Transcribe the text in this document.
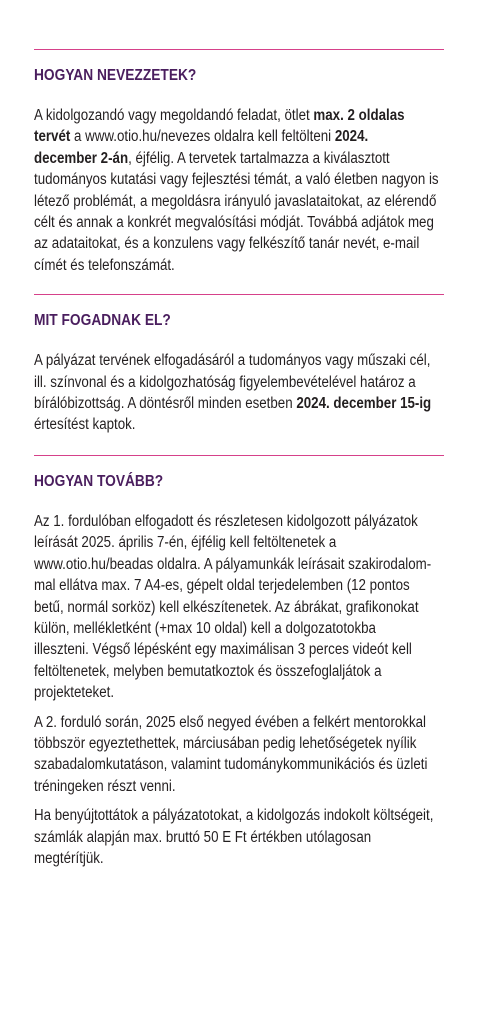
HOGYAN NEVEZZETEK?

A kidolgozandó vagy megoldandó feladat, ötlet max. 2 oldalas
tervét a www.otio.hu/nevezes oldalra kell feltölteni 2024.
december 2-án, éjfélig. A tervetek tartalmazza a kiválasztott
tudományos kutatási vagy fejlesztési témát, a való életben nagyon is
létező problémát, a megoldásra irányuló javaslataitokat, az elérendő
célt és annak a konkrét megvalósítási módját. Továbbá adjátok meg
az adataitokat, és a konzulens vagy felkészítő tanár nevét, e-mail
címét és telefonszámát.

MIT FOGADNAK EL?

A pályázat tervének elfogadásáról a tudományos vagy műszaki cél,
ill. színvonal és a kidolgozhatóság figyelembevételével határoz a
bírálóbizottság. A döntésről minden esetben 2024. december 15-ig
értesítést kaptok.

HOGYAN TOVÁBB?

Az 1. fordulóban elfogadott és részletesen kidolgozott pályázatok
leírását 2025. április 7-én, éjfélig kell feltöltenetek a
www.otio.hu/beadas oldalra. A pályamunkák leírásait szakirodalom-
mal ellátva max. 7 A4-es, gépelt oldal terjedelemben (12 pontos
betű, normál sorköz) kell elkészítenetek. Az ábrákat, grafikonokat
külön, mellékletként (+max 10 oldal) kell a dolgozatotokba
illeszteni. Végső lépésként egy maximálisan 3 perces videót kell
feltöltenetek, melyben bemutatkoztok és összefoglaljátok a
projekteteket.

A 2. forduló során, 2025 első negyed évében a felkért mentorokkal
többször egyeztethettek, márciusában pedig lehetőségetek nyílik
szabadalomkutatáson, valamint tudománykommunikációs és üzleti
tréningeken részt venni.

Ha benyújtottátok a pályázatotokat, a kidolgozás indokolt költségeit,
számlák alapján max. bruttó 50 E Ft értékben utólagosan
megtérítjük.
